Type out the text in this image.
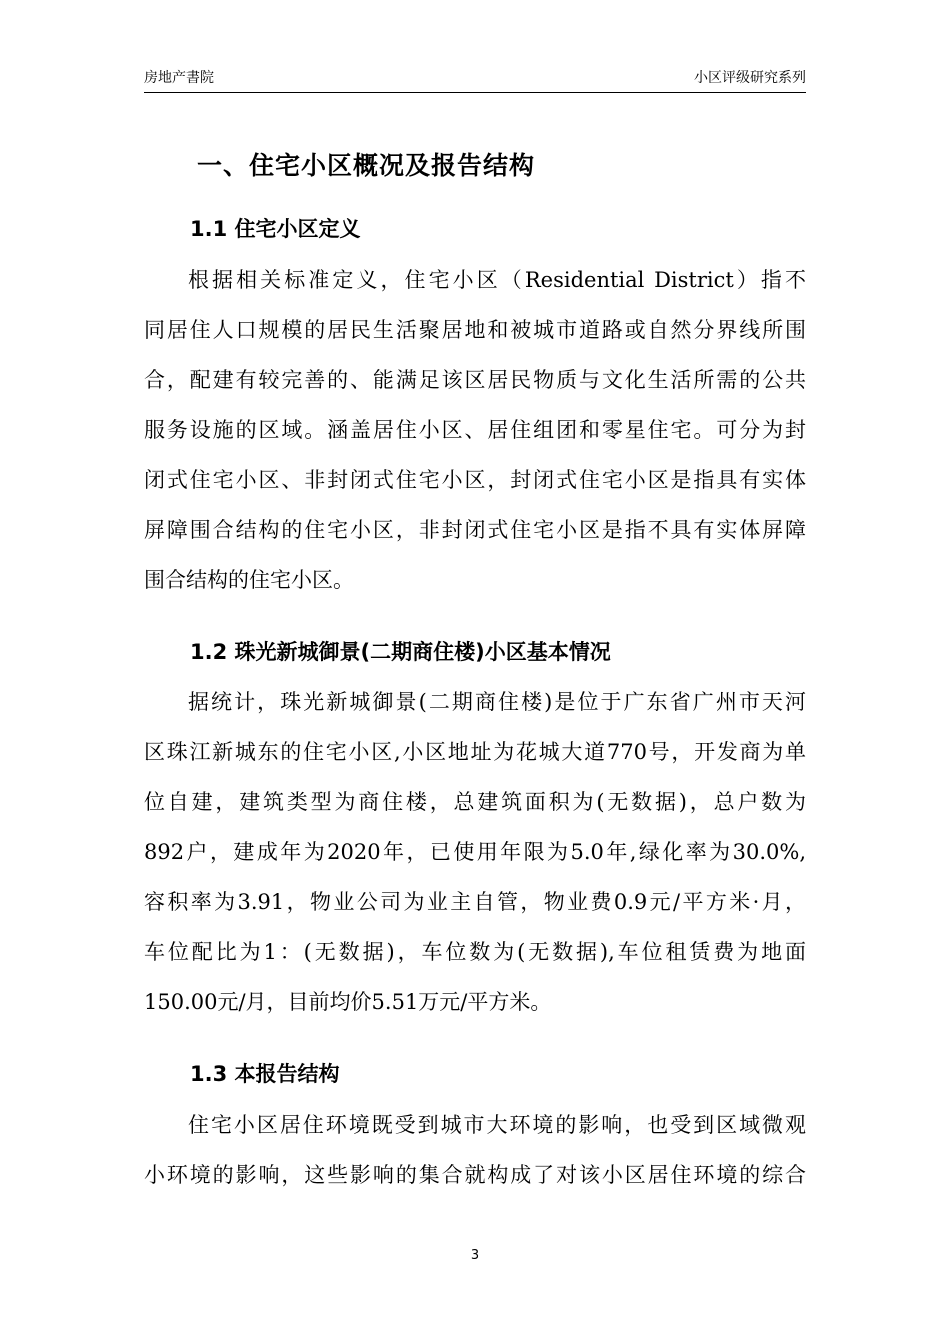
房地产書院	小区评级研究系列
一、住宅小区概况及报告结构
1.1 住宅小区定义
根据相关标准定义，住宅小区（Residential District）指不
同居住人口规模的居民生活聚居地和被城市道路或自然分界线所围
合，配建有较完善的、能满足该区居民物质与文化生活所需的公共
服务设施的区域。涵盖居住小区、居住组团和零星住宅。可分为封
闭式住宅小区、非封闭式住宅小区，封闭式住宅小区是指具有实体
屏障围合结构的住宅小区，非封闭式住宅小区是指不具有实体屏障
围合结构的住宅小区。
1.2 珠光新城御景(二期商住楼)小区基本情况
据统计，珠光新城御景(二期商住楼)是位于广东省广州市天河
区珠江新城东的住宅小区,小区地址为花城大道770号，开发商为单
位自建，建筑类型为商住楼，总建筑面积为(无数据)，总户数为
892户，建成年为2020年，已使用年限为5.0年,绿化率为30.0%,
容积率为3.91，物业公司为业主自管，物业费0.9元/平方米·月，
车位配比为1：(无数据)，车位数为(无数据),车位租赁费为地面
150.00元/月，目前均价5.51万元/平方米。
1.3 本报告结构
住宅小区居住环境既受到城市大环境的影响，也受到区域微观
小环境的影响，这些影响的集合就构成了对该小区居住环境的综合
3
